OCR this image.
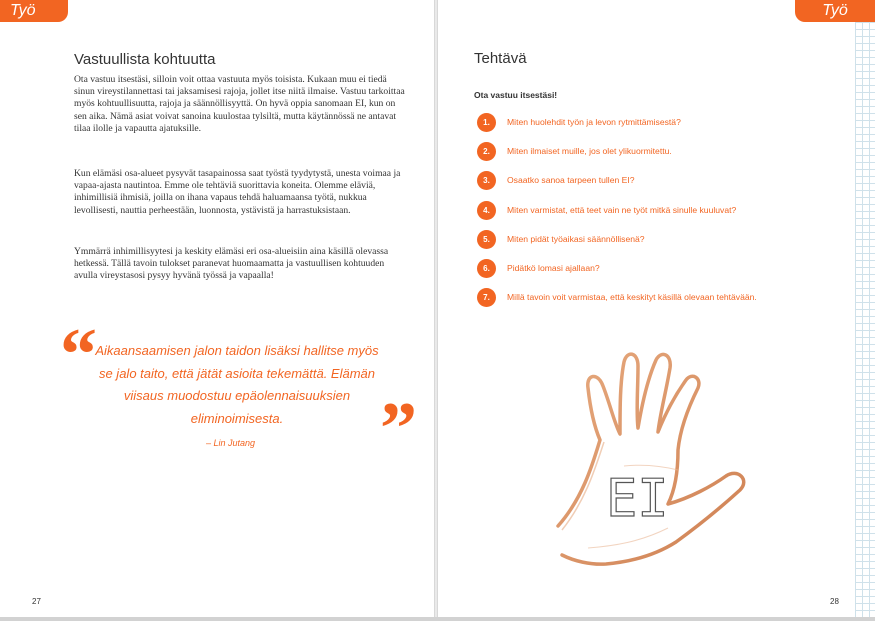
Työ
Vastuullista kohtuutta

Ota vastuu itsestäsi, silloin voit ottaa vastuuta myös toisista. Kukaan muu ei tiedä sinun vireystilannettasi tai jaksamisesi rajoja, jollet itse niitä ilmaise. Vastuu tarkoittaa myös kohtuullisuutta, rajoja ja säännöllisyyttä. On hyvä oppia sanomaan EI, kun on sen aika. Nämä asiat voivat sanoina kuulostaa tylsiltä, mutta käytännössä ne antavat tilaa ilolle ja vapautta ajatuksille.

Kun elämäsi osa-alueet pysyvät tasapainossa saat työstä tyydytystä, unesta voimaa ja vapaa-ajasta nautintoa. Emme ole tehtäviä suorittavia koneita. Olemme eläviä, inhimillisiä ihmisiä, joilla on ihana vapaus tehdä haluamaansa työtä, nukkua levollisesti, nauttia perheestään, luonnosta, ystävistä ja harrastuksistaan.

Ymmärrä inhimillisyytesi ja keskity elämäsi eri osa-alueisiin aina käsillä olevassa hetkessä. Tällä tavoin tulokset paranevat huomaamatta ja vastuullisen kohtuuden avulla vireystasosi pysyy hyvänä työssä ja vapaalla!

“ Aikaansaamisen jalon taidon lisäksi hallitse myös se jalo taito, että jätät asioita tekemättä. Elämän viisaus muodostuu epäolennaisuuksien eliminoimisesta.	”

– Lin Jutang

27
Työ
Tehtävä

Ota vastuu itsestäsi!

1.	Miten huolehdit työn ja levon rytmittämisestä?
2.	Miten ilmaiset muille, jos olet ylikuormitettu.
3.	Osaatko sanoa tarpeen tullen EI?
4.	Miten varmistat, että teet vain ne työt mitkä sinulle kuuluvat?
5.	Miten pidät työaikasi säännöllisenä?
6.	Pidätkö lomasi ajallaan?
7.	Millä tavoin voit varmistaa, että keskityt käsillä olevaan tehtävään.
EI
28
